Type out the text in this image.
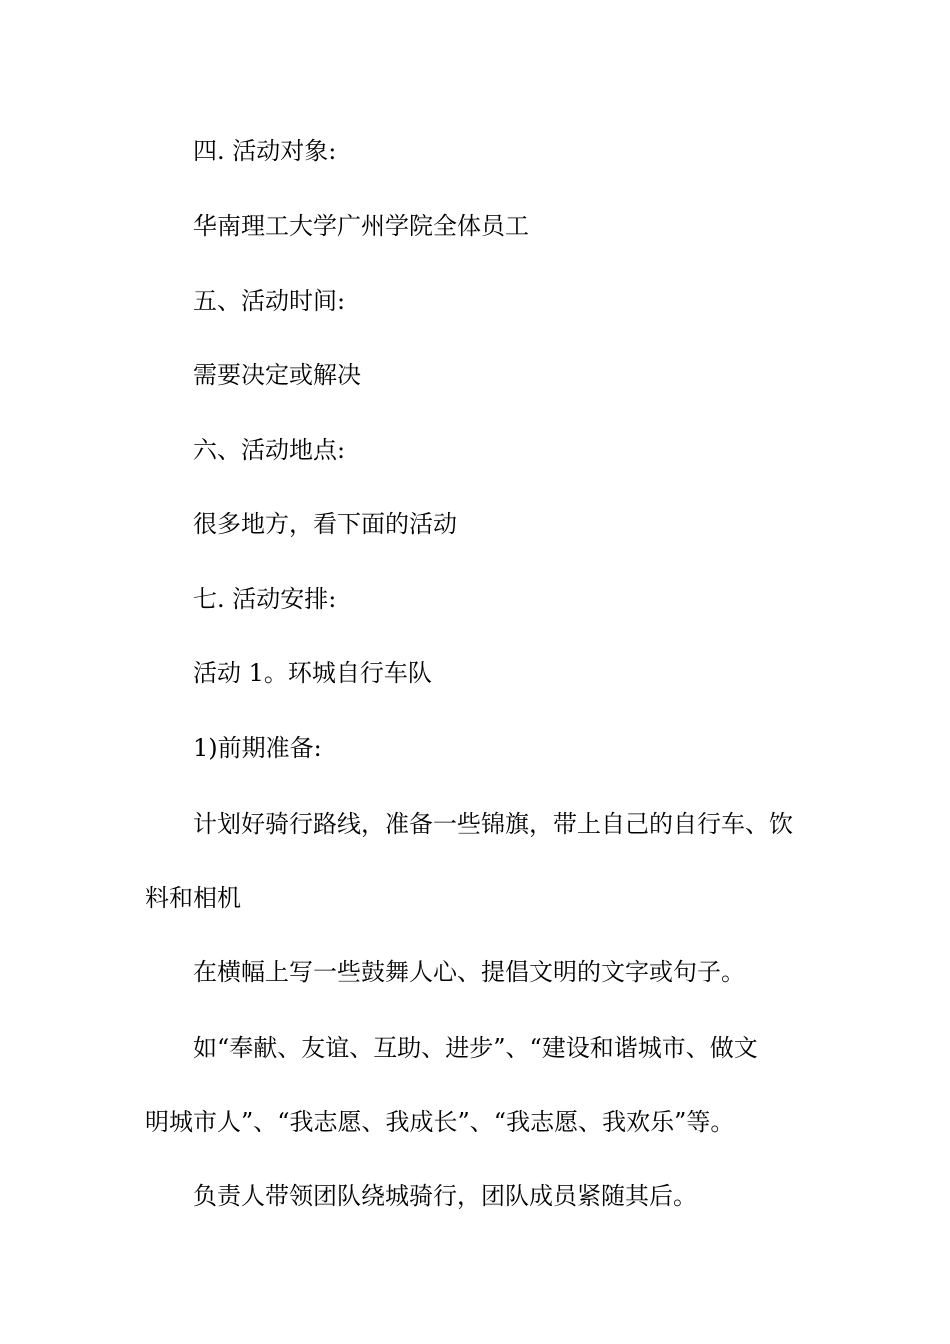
四. 活动对象:
华南理工大学广州学院全体员工
五、活动时间:
需要决定或解决
六、活动地点:
很多地方，看下面的活动
七. 活动安排:
活动 1。环城自行车队
1)前期准备:
计划好骑行路线，准备一些锦旗，带上自己的自行车、饮
料和相机
在横幅上写一些鼓舞人心、提倡文明的文字或句子。
如“奉献、友谊、互助、进步”、“建设和谐城市、做文
明城市人”、“我志愿、我成长”、“我志愿、我欢乐”等。
负责人带领团队绕城骑行，团队成员紧随其后。
